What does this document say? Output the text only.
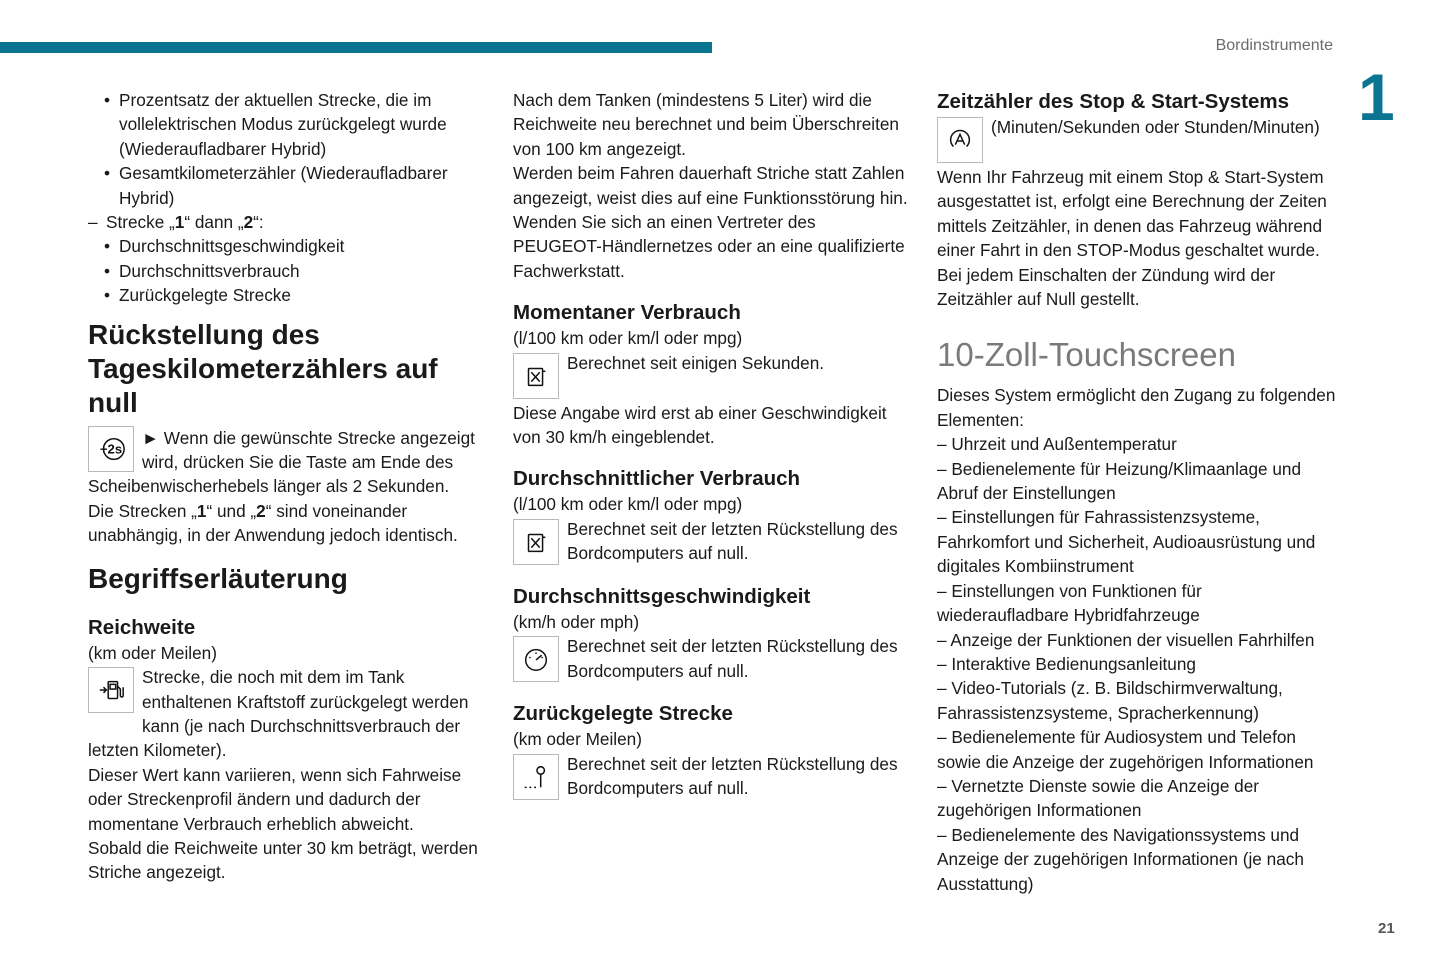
Bordinstrumente
1
21

• Prozentsatz der aktuellen Strecke, die im vollelektrischen Modus zurückgelegt wurde (Wiederaufladbarer Hybrid)

• Gesamtkilometerzähler (Wiederaufladbarer Hybrid)

– Strecke „1“ dann „2“:

• Durchschnittsgeschwindigkeit

• Durchschnittsverbrauch

• Zurückgelegte Strecke

Rückstellung des Tageskilometerzählers auf null
+2s

► Wenn die gewünschte Strecke angezeigt wird, drücken Sie die Taste am Ende des Scheibenwischerhebels länger als 2 Sekunden.

Die Strecken „1“ und „2“ sind voneinander unabhängig, in der Anwendung jedoch identisch.

Begriffserläuterung
Reichweite

(km oder Meilen)

Strecke, die noch mit dem im Tank enthaltenen Kraftstoff zurückgelegt werden kann (je nach Durchschnittsverbrauch der letzten Kilometer).

Dieser Wert kann variieren, wenn sich Fahrweise oder Streckenprofil ändern und dadurch der momentane Verbrauch erheblich abweicht.

Sobald die Reichweite unter 30 km beträgt, werden Striche angezeigt.

Nach dem Tanken (mindestens 5 Liter) wird die Reichweite neu berechnet und beim Überschreiten von 100 km angezeigt.

Werden beim Fahren dauerhaft Striche statt Zahlen angezeigt, weist dies auf eine Funktionsstörung hin. Wenden Sie sich an einen Vertreter des PEUGEOT-Händlernetzes oder an eine qualifizierte Fachwerkstatt.

Momentaner Verbrauch

(l/100 km oder km/l oder mpg)

Berechnet seit einigen Sekunden.

Diese Angabe wird erst ab einer Geschwindigkeit von 30 km/h eingeblendet.

Durchschnittlicher Verbrauch

(l/100 km oder km/l oder mpg)

Berechnet seit der letzten Rückstellung des Bordcomputers auf null.

Durchschnittsgeschwindigkeit

(km/h oder mph)

Berechnet seit der letzten Rückstellung des Bordcomputers auf null.

Zurückgelegte Strecke

(km oder Meilen)

Berechnet seit der letzten Rückstellung des Bordcomputers auf null.

Zeitzähler des Stop & Start-Systems

(Minuten/Sekunden oder Stunden/Minuten)

Wenn Ihr Fahrzeug mit einem Stop & Start-System ausgestattet ist, erfolgt eine Berechnung der Zeiten mittels Zeitzähler, in denen das Fahrzeug während einer Fahrt in den STOP-Modus geschaltet wurde.

Bei jedem Einschalten der Zündung wird der Zeitzähler auf Null gestellt.

10-Zoll-Touchscreen

Dieses System ermöglicht den Zugang zu folgenden Elementen:

– Uhrzeit und Außentemperatur

– Bedienelemente für Heizung/Klimaanlage und Abruf der Einstellungen

– Einstellungen für Fahrassistenzsysteme, Fahrkomfort und Sicherheit, Audioausrüstung und digitales Kombiinstrument

– Einstellungen von Funktionen für wiederaufladbare Hybridfahrzeuge

– Anzeige der Funktionen der visuellen Fahrhilfen

– Interaktive Bedienungsanleitung

– Video-Tutorials (z. B. Bildschirmverwaltung, Fahrassistenzsysteme, Spracherkennung)

– Bedienelemente für Audiosystem und Telefon sowie die Anzeige der zugehörigen Informationen

– Vernetzte Dienste sowie die Anzeige der zugehörigen Informationen

– Bedienelemente des Navigationssystems und Anzeige der zugehörigen Informationen (je nach Ausstattung)
